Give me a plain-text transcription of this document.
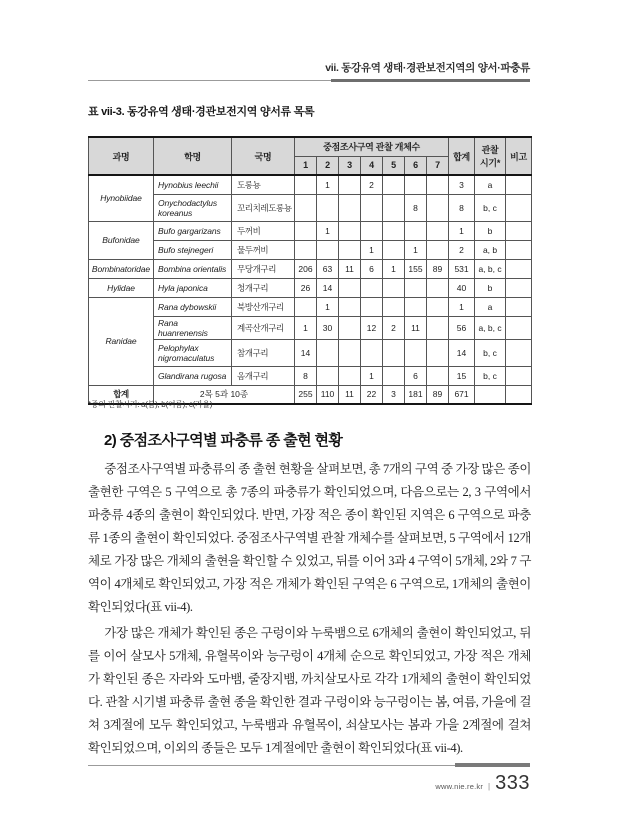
vii. 동강유역 생태·경관보전지역의 양서·파충류
표 vii-3. 동강유역 생태·경관보전지역 양서류 목록
과명	학명	국명	중점조사구역 관찰 개체수							합계	관찰 시기*	비고
			1	2	3	4	5	6	7			
Hynobiidae	Hynobius leechii	도롱뇽		1		2				3	a	
	Onychodactylus koreanus	꼬리치레도롱뇽						8		8	b, c	
Bufonidae	Bufo gargarizans	두꺼비		1						1	b	
	Bufo stejnegeri	물두꺼비				1		1		2	a, b	
Bombinatoridae	Bombina orientalis	무당개구리	206	63	11	6	1	155	89	531	a, b, c	
Hylidae	Hyla japonica	청개구리	26	14						40	b	
Ranidae	Rana dybowskii	북방산개구리		1						1	a	
	Rana huanrenensis	계곡산개구리	1	30		12	2	11		56	a, b, c	
	Pelophylax nigromaculatus	참개구리	14							14	b, c	
	Glandirana rugosa	옴개구리	8			1		6		15	b, c	
합계	2목 5과 10종		255	110	11	22	3	181	89	671		
*종의 관찰시기: a(봄), b(여름), c(가을)
2) 중점조사구역별 파충류 종 출현 현황

중점조사구역별 파충류의 종 출현 현황을 살펴보면, 총 7개의 구역 중 가장 많은 종이 출현한 구역은 5 구역으로 총 7종의 파충류가 확인되었으며, 다음으로는 2, 3 구역에서 파충류 4종의 출현이 확인되었다. 반면, 가장 적은 종이 확인된 지역은 6 구역으로 파충류 1종의 출현이 확인되었다. 중점조사구역별 관찰 개체수를 살펴보면, 5 구역에서 12개체로 가장 많은 개체의 출현을 확인할 수 있었고, 뒤를 이어 3과 4 구역이 5개체, 2와 7 구역이 4개체로 확인되었고, 가장 적은 개체가 확인된 구역은 6 구역으로, 1개체의 출현이 확인되었다(표 vii-4).

가장 많은 개체가 확인된 종은 구렁이와 누룩뱀으로 6개체의 출현이 확인되었고, 뒤를 이어 살모사 5개체, 유혈목이와 능구렁이 4개체 순으로 확인되었고, 가장 적은 개체가 확인된 종은 자라와 도마뱀, 줄장지뱀, 까치살모사로 각각 1개체의 출현이 확인되었다. 관찰 시기별 파충류 출현 종을 확인한 결과 구렁이와 능구렁이는 봄, 여름, 가을에 걸쳐 3계절에 모두 확인되었고, 누룩뱀과 유혈목이, 쇠살모사는 봄과 가을 2계절에 걸쳐 확인되었으며, 이외의 종들은 모두 1계절에만 출현이 확인되었다(표 vii-4).

www.nie.re.kr | 333
